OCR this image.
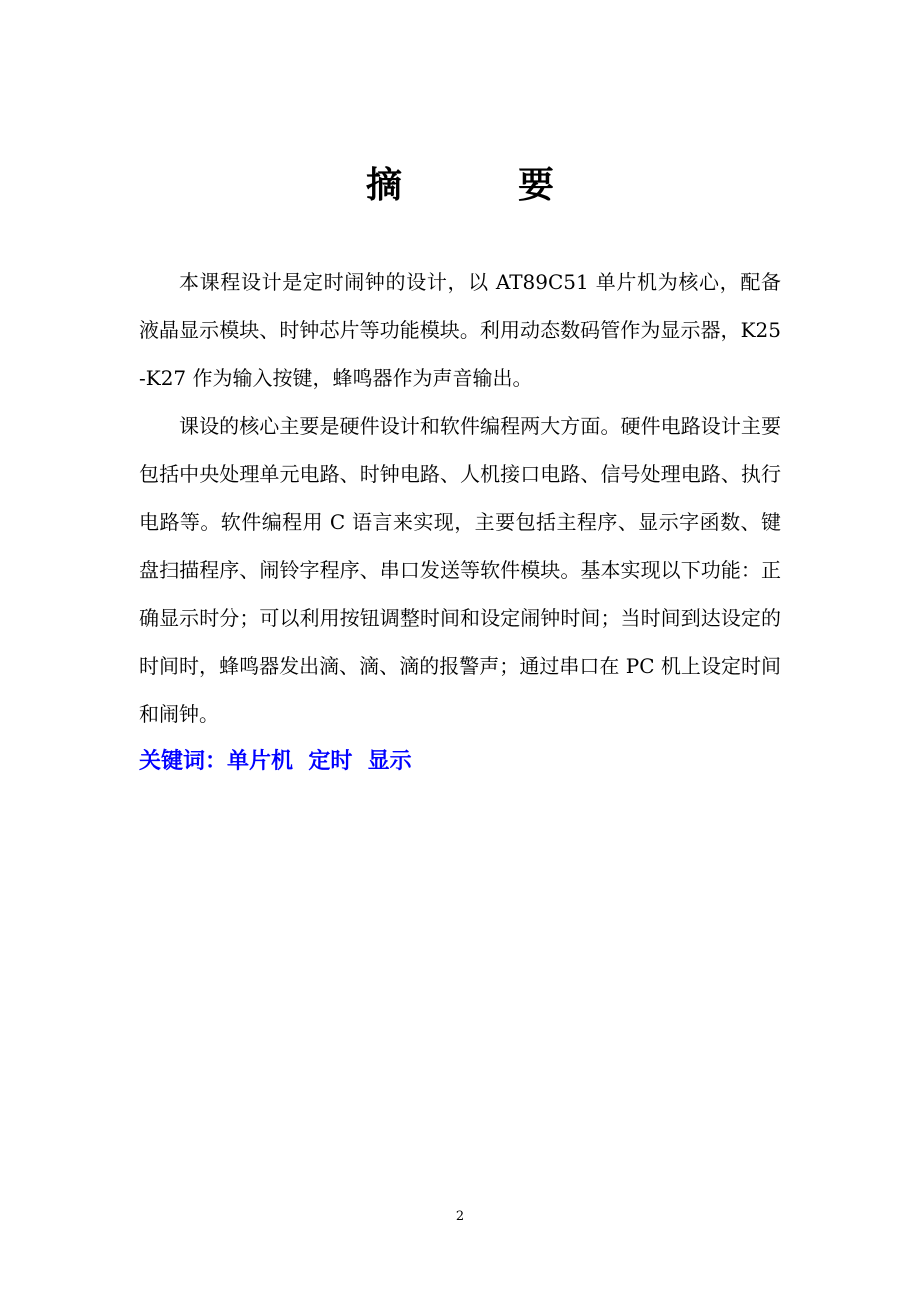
摘　要

本课程设计是定时闹钟的设计，以 AT89C51 单片机为核心，配备液晶显示模块、时钟芯片等功能模块。利用动态数码管作为显示器，K25-K27 作为输入按键，蜂鸣器作为声音输出。

课设的核心主要是硬件设计和软件编程两大方面。硬件电路设计主要包括中央处理单元电路、时钟电路、人机接口电路、信号处理电路、执行电路等。软件编程用 C 语言来实现，主要包括主程序、显示字函数、键盘扫描程序、闹铃字程序、串口发送等软件模块。基本实现以下功能：正确显示时分；可以利用按钮调整时间和设定闹钟时间；当时间到达设定的时间时，蜂鸣器发出滴、滴、滴的报警声；通过串口在 PC 机上设定时间和闹钟。

关键词：单片机  定时  显示

2
